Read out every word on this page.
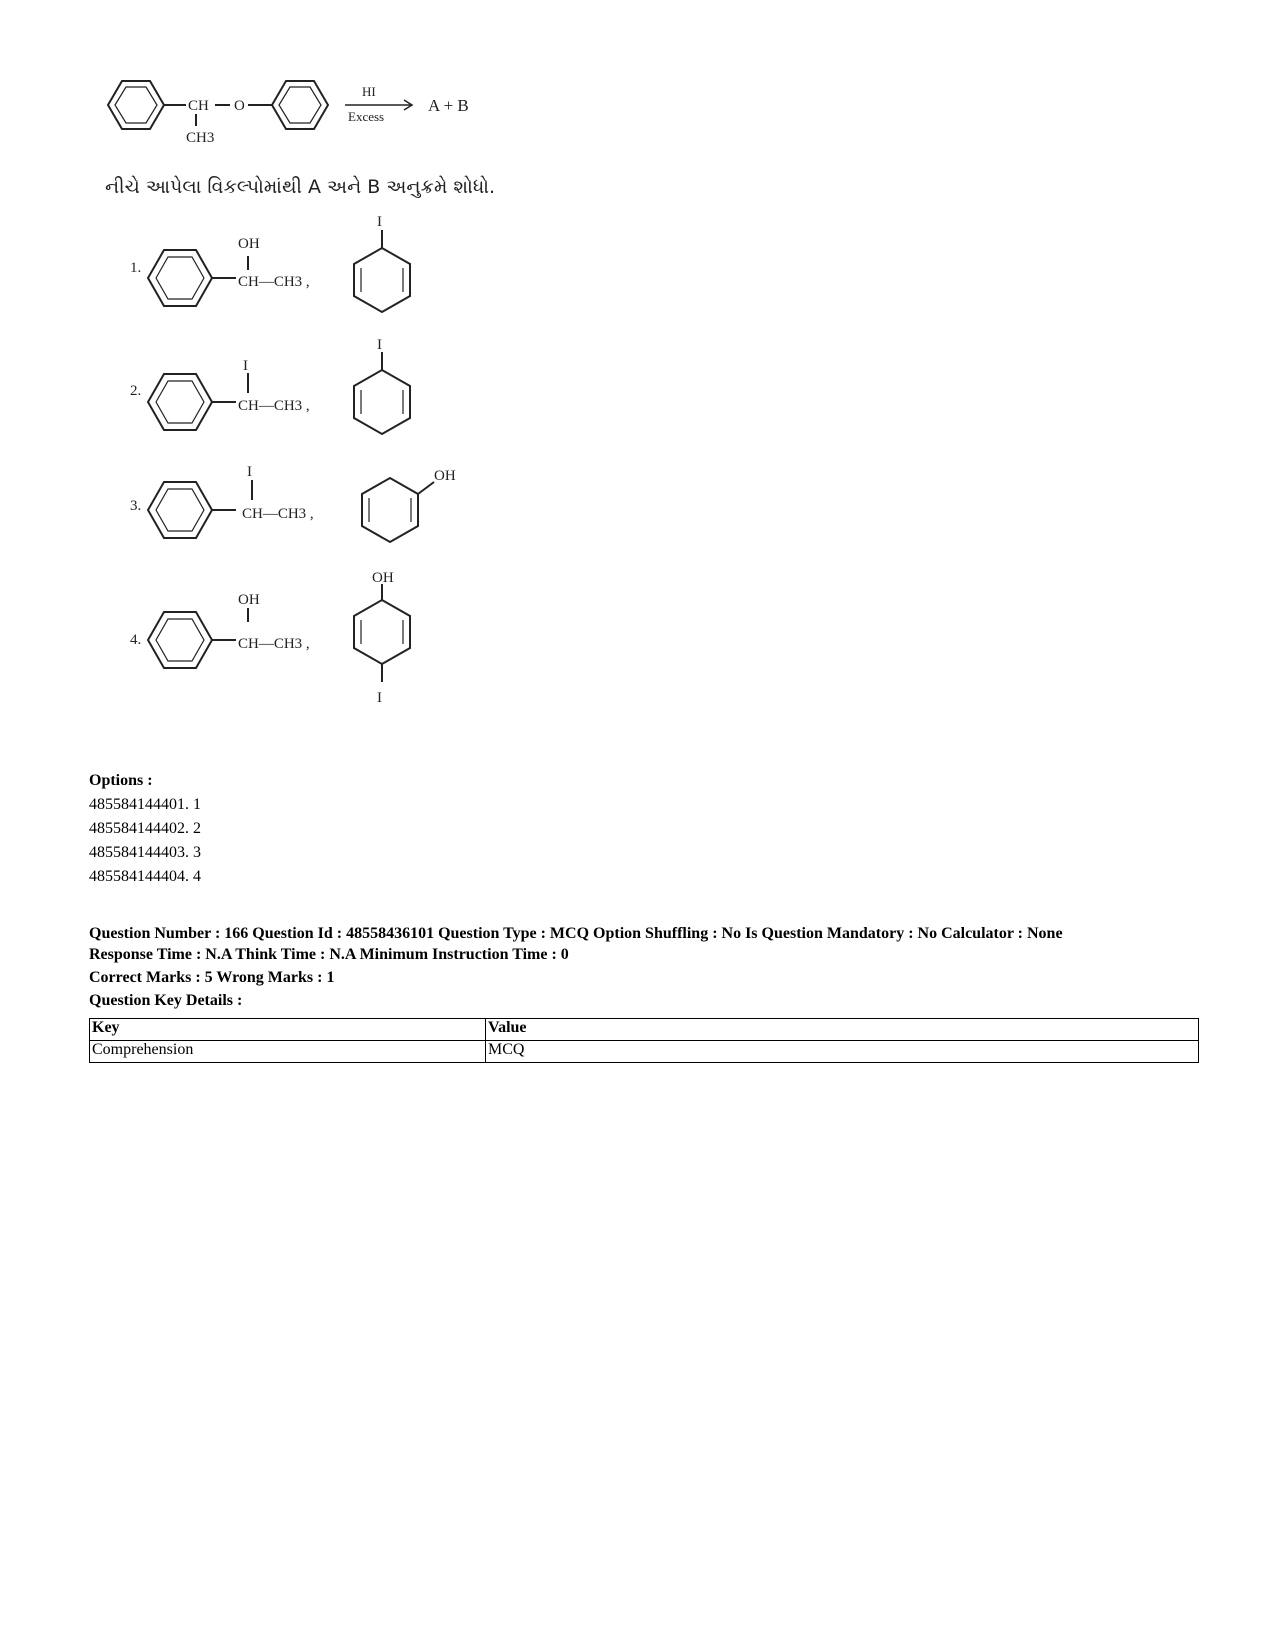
CH O
CH3
HI
Excess
A + B
1.
OH
CH—CH3 ,
I
2.
I
CH—CH3 ,
I
3.
I
CH—CH3 ,
OH
4.
OH
CH—CH3 ,
OH
I
નીચે આપેલા વિકલ્પોમાંથી A અને B અનુક્રમે શોધો.
Options :
485584144401. 1
485584144402. 2
485584144403. 3
485584144404. 4
Question Number : 166 Question Id : 48558436101 Question Type : MCQ Option Shuffling : No Is Question Mandatory : No Calculator : None
Response Time : N.A Think Time : N.A Minimum Instruction Time : 0
Correct Marks : 5 Wrong Marks : 1
Question Key Details :
Key	Value
Comprehension	MCQ
